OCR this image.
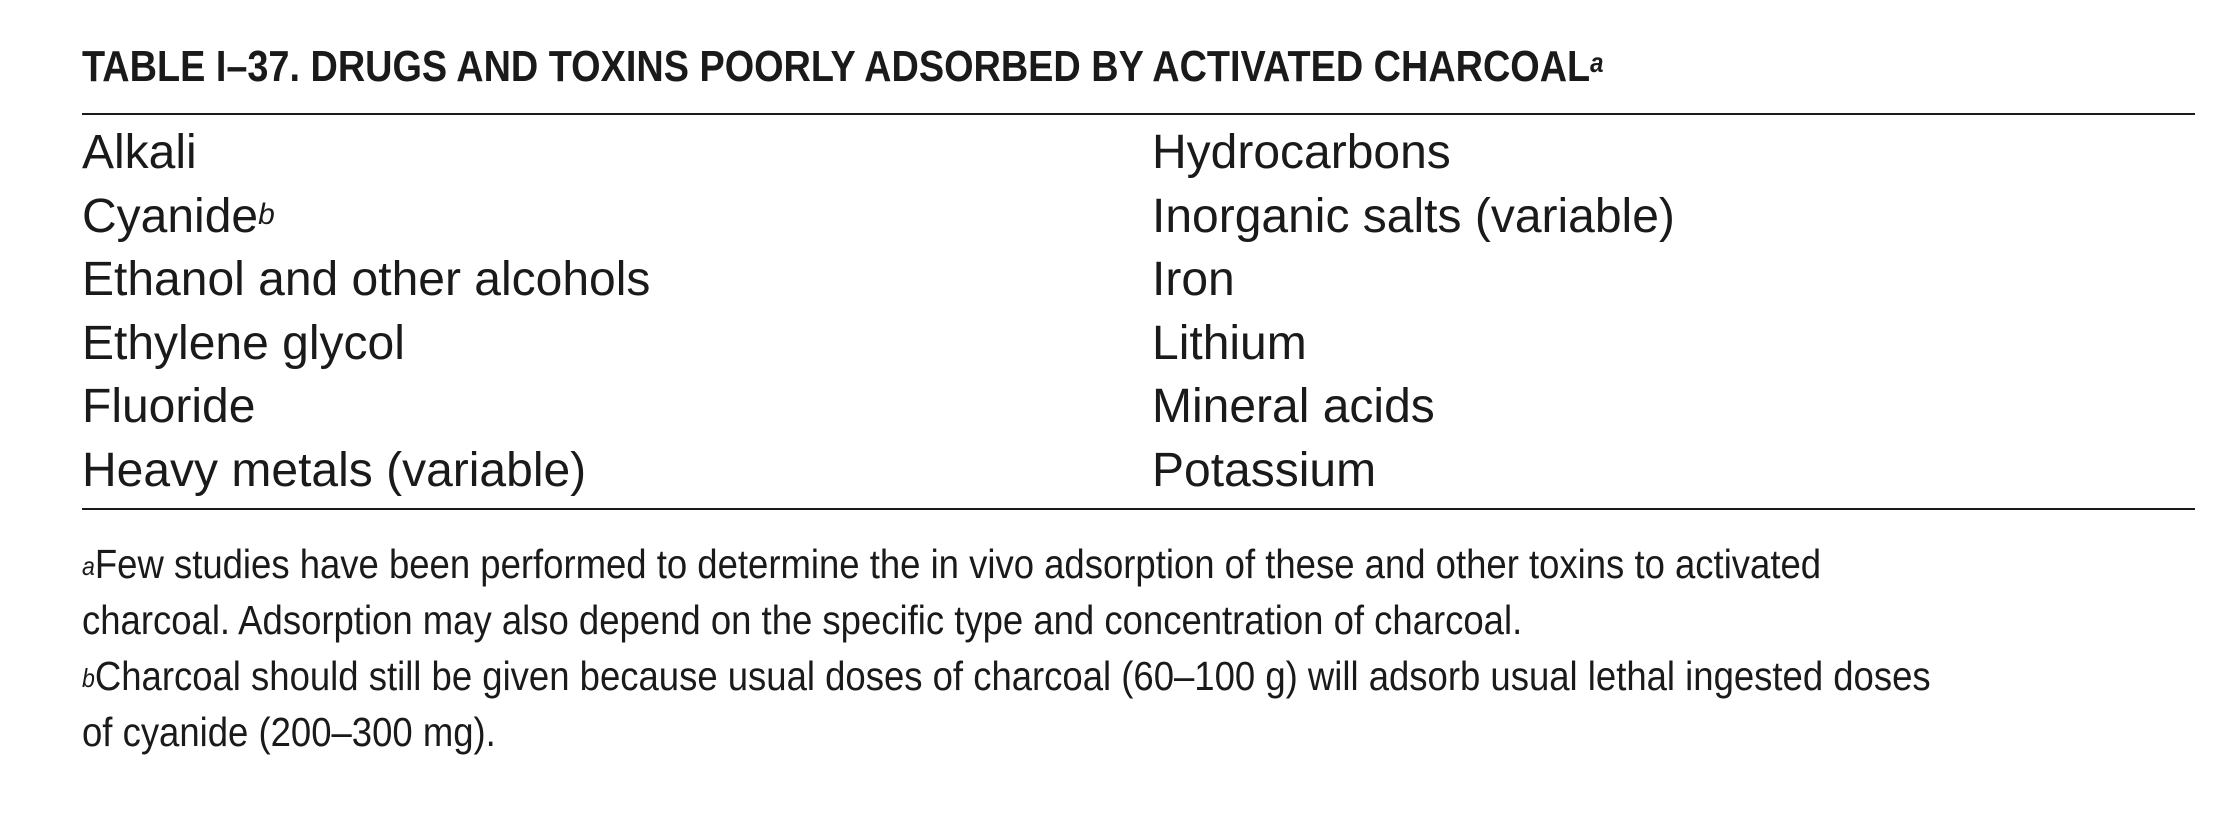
TABLE I–37. DRUGS AND TOXINS POORLY ADSORBED BY ACTIVATED CHARCOAL$^a$
Alkali
Cyanide$^b$
Ethanol and other alcohols
Ethylene glycol
Fluoride
Heavy metals (variable)
Hydrocarbons
Inorganic salts (variable)
Iron
Lithium
Mineral acids
Potassium
$^a$Few studies have been performed to determine the in vivo adsorption of these and other toxins to activated
charcoal. Adsorption may also depend on the specific type and concentration of charcoal.
$^b$Charcoal should still be given because usual doses of charcoal (60–100 g) will adsorb usual lethal ingested doses
of cyanide (200–300 mg).
